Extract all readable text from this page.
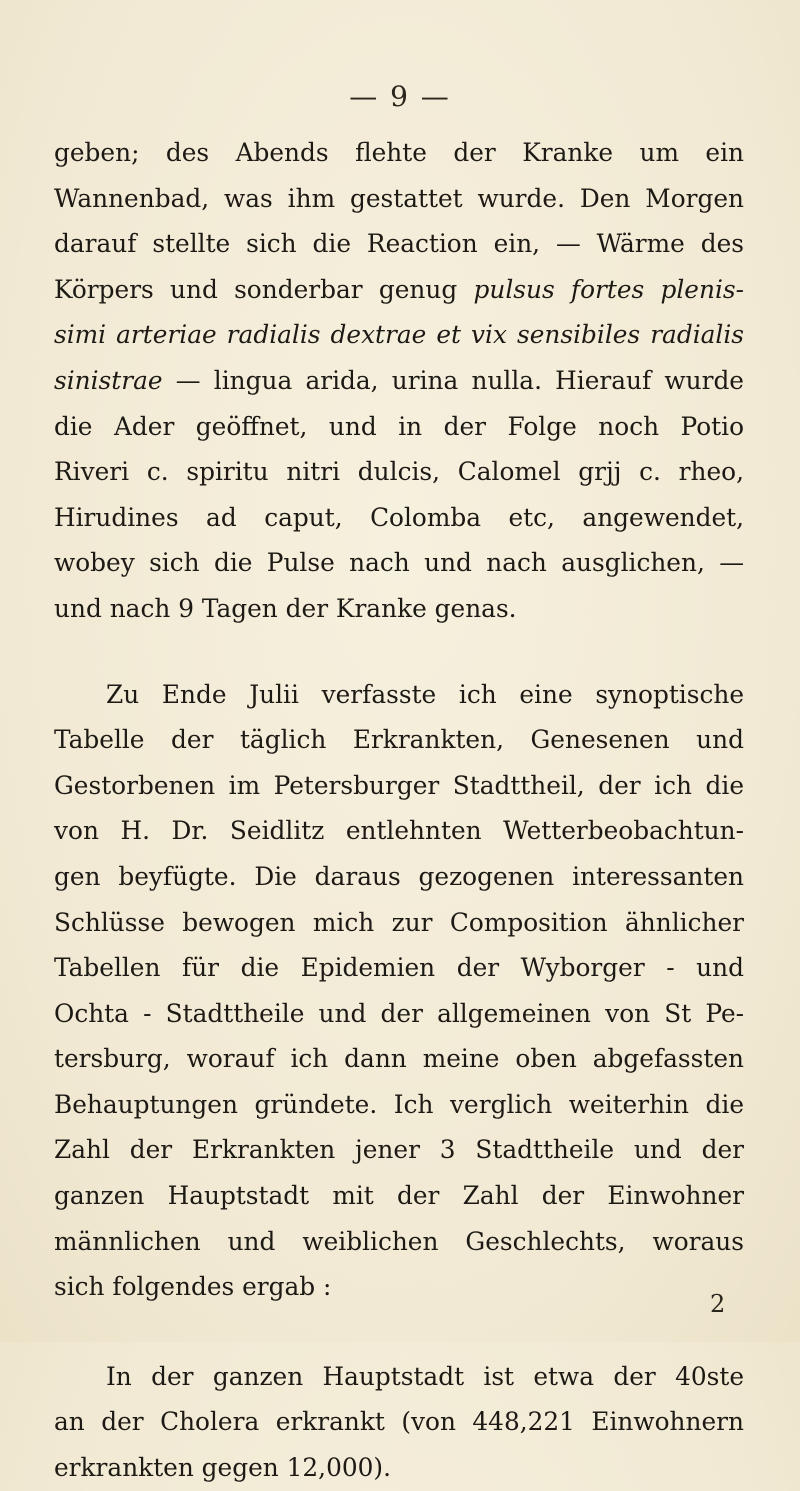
— 9 —
geben; des Abends flehte der Kranke um ein
Wannenbad, was ihm gestattet wurde. Den Morgen
darauf stellte sich die Reaction ein, — Wärme des
Körpers und sonderbar genug pulsus fortes plenis-
simi arteriae radialis dextrae et vix sensibiles radialis
sinistrae — lingua arida, urina nulla. Hierauf wurde
die Ader geöffnet, und in der Folge noch Potio
Riveri c. spiritu nitri dulcis, Calomel grjj c. rheo,
Hirudines ad caput, Colomba etc, angewendet,
wobey sich die Pulse nach und nach ausglichen, —
und nach 9 Tagen der Kranke genas.
Zu Ende Julii verfasste ich eine synoptische
Tabelle der täglich Erkrankten, Genesenen und
Gestorbenen im Petersburger Stadttheil, der ich die
von H. Dr. Seidlitz entlehnten Wetterbeobachtun-
gen beyfügte. Die daraus gezogenen interessanten
Schlüsse bewogen mich zur Composition ähnlicher
Tabellen für die Epidemien der Wyborger - und
Ochta - Stadttheile und der allgemeinen von St Pe-
tersburg, worauf ich dann meine oben abgefassten
Behauptungen gründete. Ich verglich weiterhin die
Zahl der Erkrankten jener 3 Stadttheile und der
ganzen Hauptstadt mit der Zahl der Einwohner
männlichen und weiblichen Geschlechts, woraus
sich folgendes ergab :
In der ganzen Hauptstadt ist etwa der 40ste
an der Cholera erkrankt (von 448,221 Einwohnern
erkrankten gegen 12,000).
2
